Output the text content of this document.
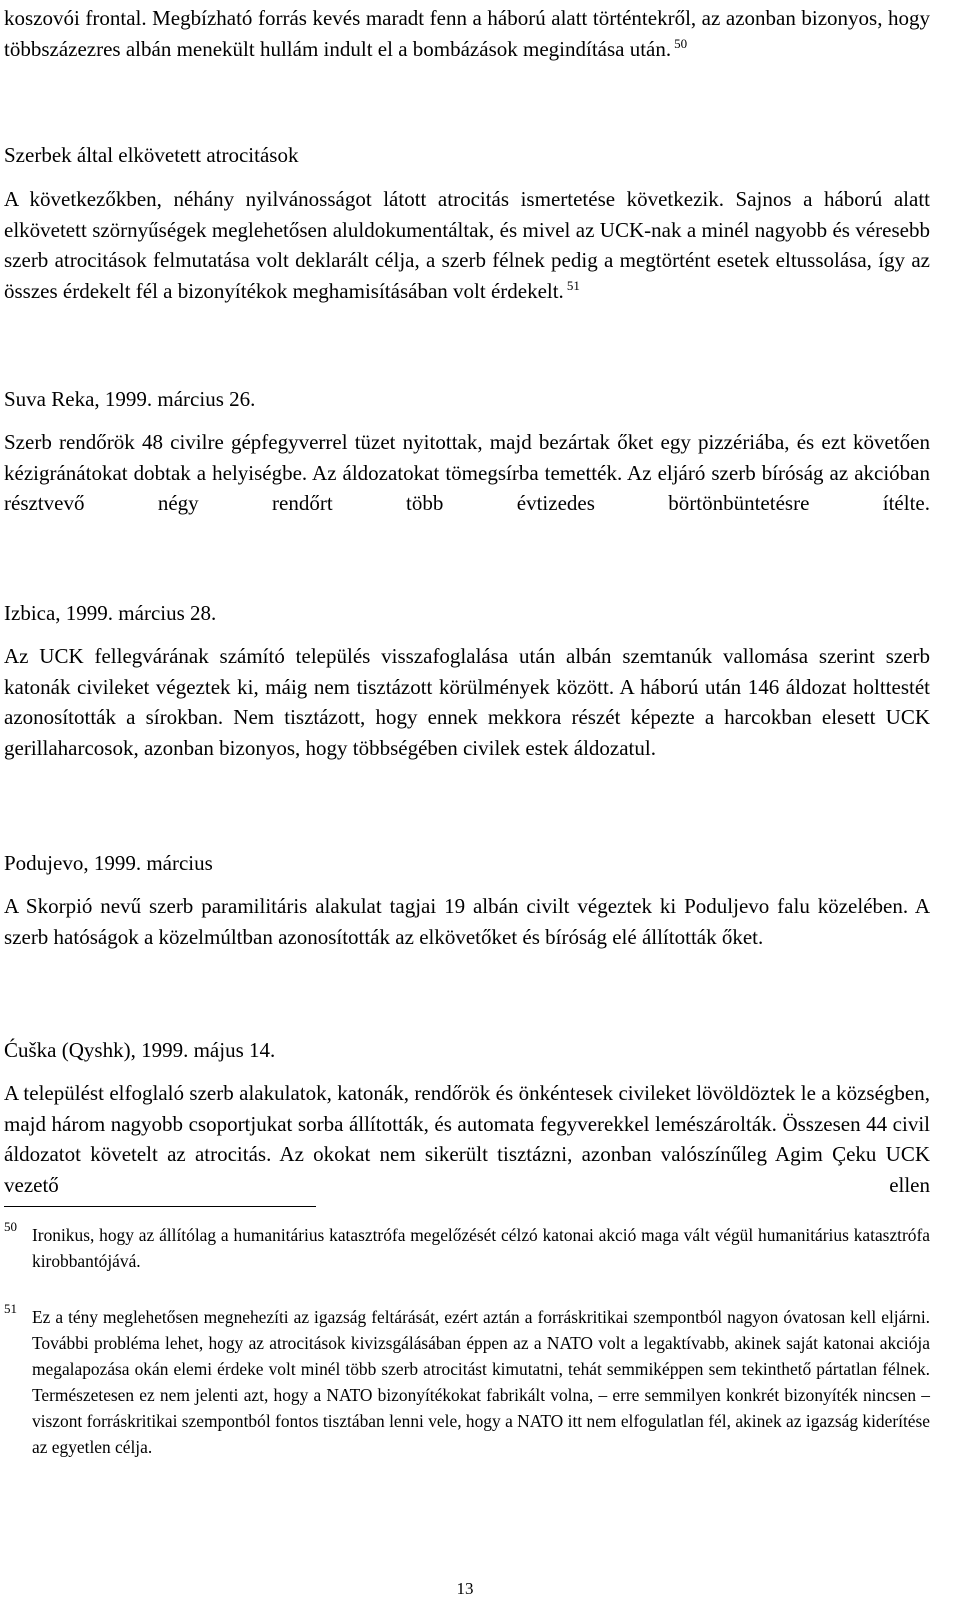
koszovói frontal. Megbízható forrás kevés maradt fenn a háború alatt történtekről, az azonban bizonyos, hogy többszázezres albán menekült hullám indult el a bombázások megindítása után. $^{50}$

Szerbek által elkövetett atrocitások

A következőkben, néhány nyilvánosságot látott atrocitás ismertetése következik. Sajnos a háború alatt elkövetett szörnyűségek meglehetősen aluldokumentáltak, és mivel az UCK-nak a minél nagyobb és véresebb szerb atrocitások felmutatása volt deklarált célja, a szerb félnek pedig a megtörtént esetek eltussolása, így az összes érdekelt fél a bizonyítékok meghamisításában volt érdekelt. $^{51}$

Suva Reka, 1999. március 26.

Szerb rendőrök 48 civilre gépfegyverrel tüzet nyitottak, majd bezártak őket egy pizzériába, és ezt követően kézigránátokat dobtak a helyiségbe. Az áldozatokat tömegsírba temették. Az eljáró szerb bíróság az akcióban résztvevő négy rendőrt több évtizedes börtönbüntetésre ítélte.

Izbica, 1999. március 28.

Az UCK fellegvárának számító település visszafoglalása után albán szemtanúk vallomása szerint szerb katonák civileket végeztek ki, máig nem tisztázott körülmények között. A háború után 146 áldozat holttestét azonosították a sírokban. Nem tisztázott, hogy ennek mekkora részét képezte a harcokban elesett UCK gerillaharcosok, azonban bizonyos, hogy többségében civilek estek áldozatul.

Podujevo, 1999. március

A Skorpió nevű szerb paramilitáris alakulat tagjai 19 albán civilt végeztek ki Poduljevo falu közelében. A szerb hatóságok a közelmúltban azonosították az elkövetőket és bíróság elé állították őket.

Ćuška (Qyshk), 1999. május 14.

A települést elfoglaló szerb alakulatok, katonák, rendőrök és önkéntesek civileket lövöldöztek le a községben, majd három nagyobb csoportjukat sorba állították, és automata fegyverekkel lemészárolták. Összesen 44 civil áldozatot követelt az atrocitás. Az okokat nem sikerült tisztázni, azonban valószínűleg Agim Çeku UCK vezető ellen

50 Ironikus, hogy az állítólag a humanitárius katasztrófa megelőzését célzó katonai akció maga vált végül humanitárius katasztrófa kirobbantójává.
51 Ez a tény meglehetősen megnehezíti az igazság feltárását, ezért aztán a forráskritikai szempontból nagyon óvatosan kell eljárni. További probléma lehet, hogy az atrocitások kivizsgálásában éppen az a NATO volt a legaktívabb, akinek saját katonai akciója megalapozása okán elemi érdeke volt minél több szerb atrocitást kimutatni, tehát semmiképpen sem tekinthető pártatlan félnek. Természetesen ez nem jelenti azt, hogy a NATO bizonyítékokat fabrikált volna, – erre semmilyen konkrét bizonyíték nincsen – viszont forráskritikai szempontból fontos tisztában lenni vele, hogy a NATO itt nem elfogulatlan fél, akinek az igazság kiderítése az egyetlen célja.
13
